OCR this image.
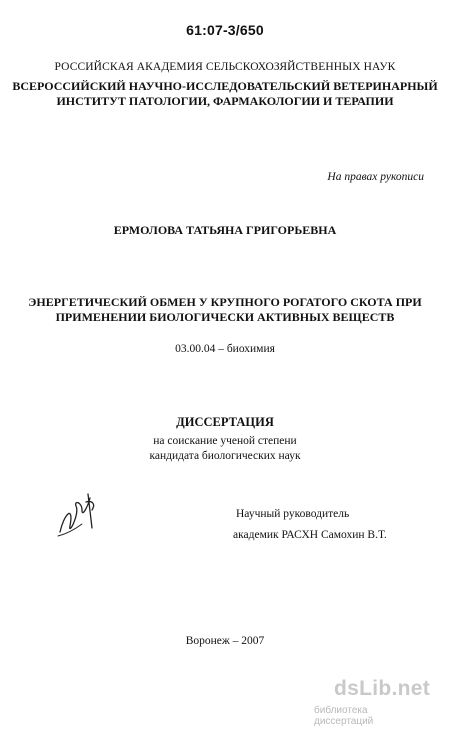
61:07-3/650
РОССИЙСКАЯ АКАДЕМИЯ СЕЛЬСКОХОЗЯЙСТВЕННЫХ НАУК
ВСЕРОССИЙСКИЙ НАУЧНО-ИССЛЕДОВАТЕЛЬСКИЙ ВЕТЕРИНАРНЫЙ
ИНСТИТУТ ПАТОЛОГИИ, ФАРМАКОЛОГИИ И ТЕРАПИИ
На правах рукописи
ЕРМОЛОВА ТАТЬЯНА ГРИГОРЬЕВНА
ЭНЕРГЕТИЧЕСКИЙ ОБМЕН У КРУПНОГО РОГАТОГО СКОТА ПРИ
ПРИМЕНЕНИИ БИОЛОГИЧЕСКИ АКТИВНЫХ ВЕЩЕСТВ
03.00.04 – биохимия
ДИССЕРТАЦИЯ
на соискание ученой степени
кандидата биологических наук
Научный руководитель
академик РАСХН Самохин В.Т.
Воронеж – 2007
dsLib.net
библиотека диссертаций
